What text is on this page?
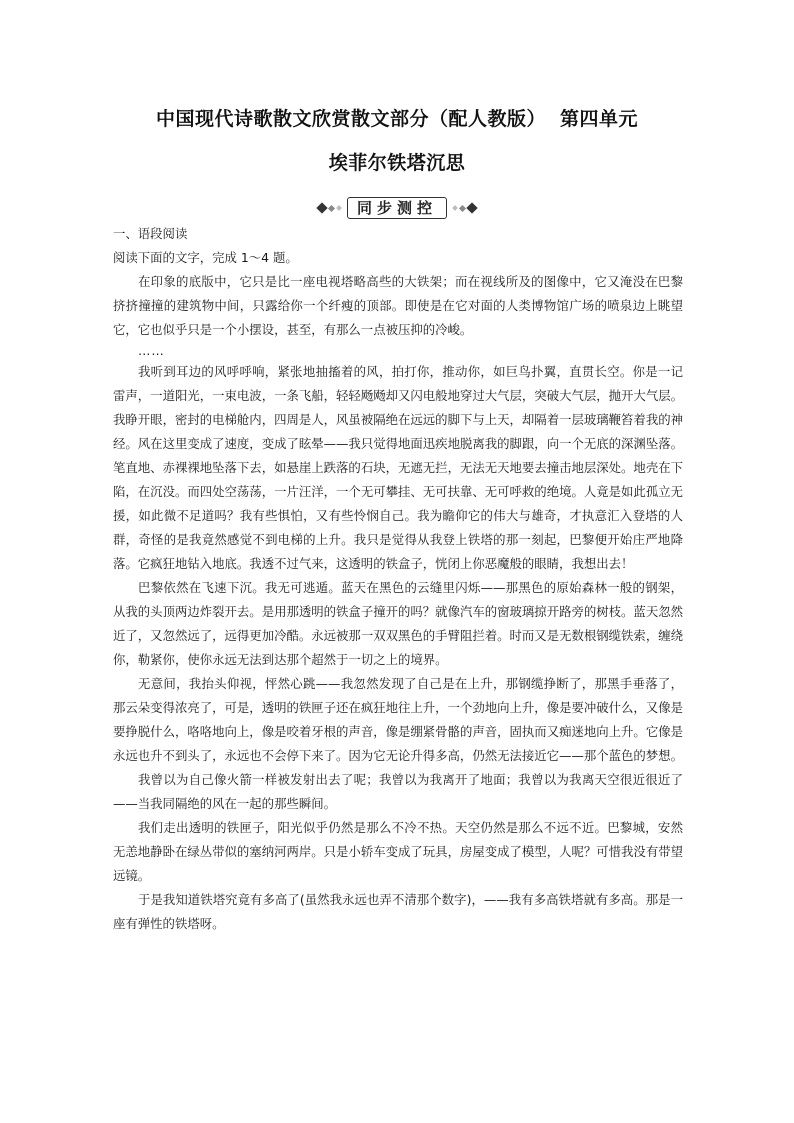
中国现代诗歌散文欣赏散文部分（配人教版） 第四单元
埃菲尔铁塔沉思
同步测控

一、语段阅读

阅读下面的文字，完成 1～4 题。

在印象的底版中，它只是比一座电视塔略高些的大铁架；而在视线所及的图像中，它又淹没在巴黎挤挤撞撞的建筑物中间，只露给你一个纤瘦的顶部。即使是在它对面的人类博物馆广场的喷泉边上眺望它，它也似乎只是一个小摆设，甚至，有那么一点被压抑的冷峻。

……

我听到耳边的风呼呼响，紧张地抽搐着的风，拍打你，推动你，如巨鸟扑翼，直贯长空。你是一记雷声，一道阳光，一束电波，一条飞船，轻轻飏飏却又闪电般地穿过大气层，突破大气层，抛开大气层。我睁开眼，密封的电梯舱内，四周是人，风虽被隔绝在远远的脚下与上天，却隔着一层玻璃鞭笞着我的神经。风在这里变成了速度，变成了眩晕——我只觉得地面迅疾地脱离我的脚跟，向一个无底的深渊坠落。笔直地、赤裸裸地坠落下去，如悬崖上跌落的石块，无遮无拦，无法无天地要去撞击地层深处。地壳在下陷，在沉没。而四处空荡荡，一片汪洋，一个无可攀挂、无可扶靠、无可呼救的绝境。人竟是如此孤立无援，如此微不足道吗？我有些惧怕，又有些怜悯自己。我为瞻仰它的伟大与雄奇，才执意汇入登塔的人群，奇怪的是我竟然感觉不到电梯的上升。我只是觉得从我登上铁塔的那一刻起，巴黎便开始庄严地降落。它疯狂地钻入地底。我透不过气来，这透明的铁盒子，恍闭上你恶魔般的眼睛，我想出去！

巴黎依然在飞速下沉。我无可逃遁。蓝天在黑色的云缝里闪烁——那黑色的原始森林一般的钢架，从我的头顶两边炸裂开去。是用那透明的铁盒子撞开的吗？就像汽车的窗玻璃掠开路旁的树枝。蓝天忽然近了，又忽然远了，远得更加冷酷。永远被那一双双黑色的手臂阻拦着。时而又是无数根钢缆铁索，缠绕你，勒紧你，使你永远无法到达那个超然于一切之上的境界。

无意间，我抬头仰视，怦然心跳——我忽然发现了自己是在上升，那钢缆挣断了，那黑手垂落了，那云朵变得浓亮了，可是，透明的铁匣子还在疯狂地往上升，一个劲地向上升，像是要冲破什么，又像是要挣脱什么，咯咯地向上，像是咬着牙根的声音，像是绷紧骨骼的声音，固执而又痴迷地向上升。它像是永远也升不到头了，永远也不会停下来了。因为它无论升得多高，仍然无法接近它——那个蓝色的梦想。

我曾以为自己像火箭一样被发射出去了呢；我曾以为我离开了地面；我曾以为我离天空很近很近了——当我同隔绝的风在一起的那些瞬间。

我们走出透明的铁匣子，阳光似乎仍然是那么不冷不热。天空仍然是那么不远不近。巴黎城，安然无恙地静卧在绿丛带似的塞纳河两岸。只是小轿车变成了玩具，房屋变成了模型，人呢？可惜我没有带望远镜。

于是我知道铁塔究竟有多高了(虽然我永远也弄不清那个数字)，——我有多高铁塔就有多高。那是一座有弹性的铁塔呀。
